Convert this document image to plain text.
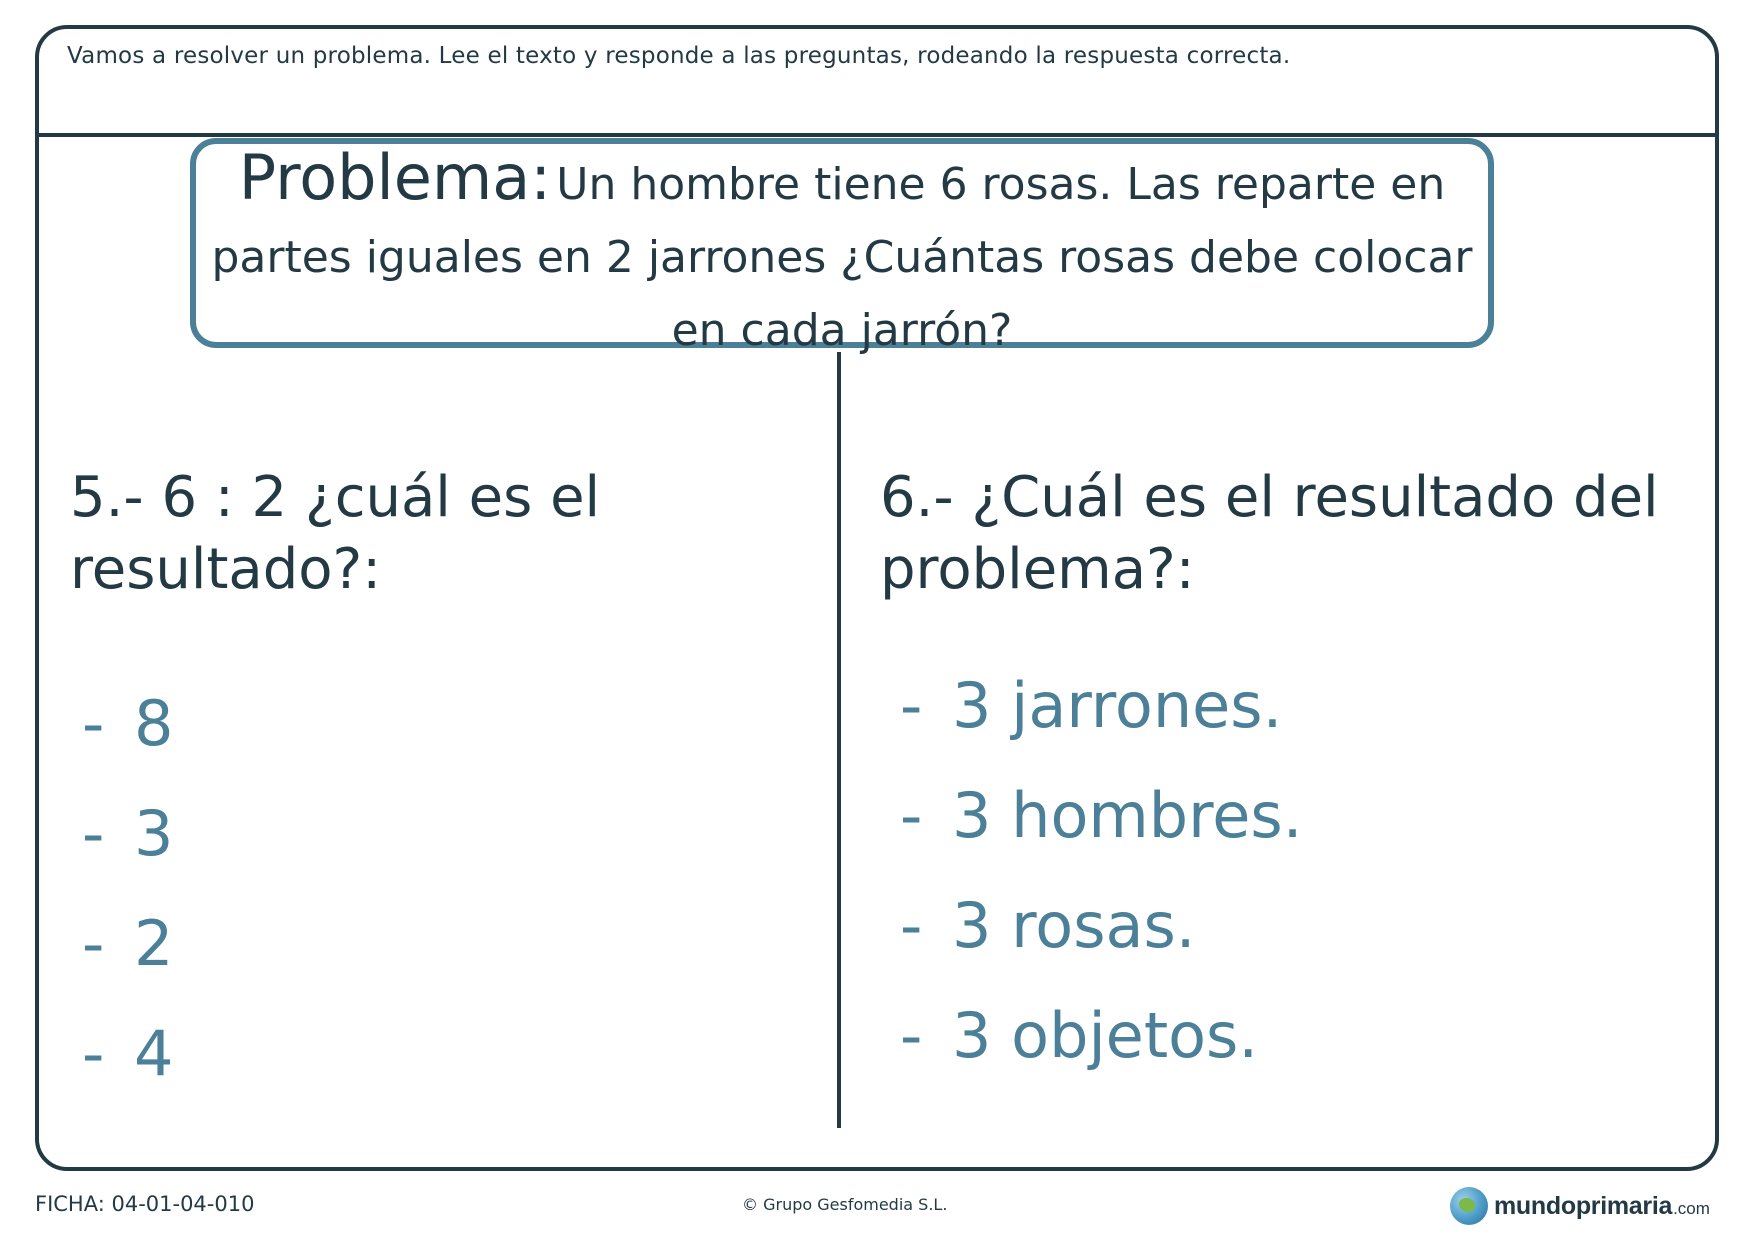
Vamos a resolver un problema. Lee el texto y responde a las preguntas, rodeando la respuesta correcta.
Problema: Un hombre tiene 6 rosas. Las reparte en partes iguales en 2 jarrones ¿Cuántas rosas debe colocar en cada jarrón?
5.- 6 : 2 ¿cuál es el resultado?:
- 8
- 3
- 2
- 4
6.- ¿Cuál es el resultado del problema?:
- 3 jarrones.
- 3 hombres.
- 3 rosas.
- 3 objetos.
FICHA: 04-01-04-010	© Grupo Gesfomedia S.L.	mundoprimaria .com
